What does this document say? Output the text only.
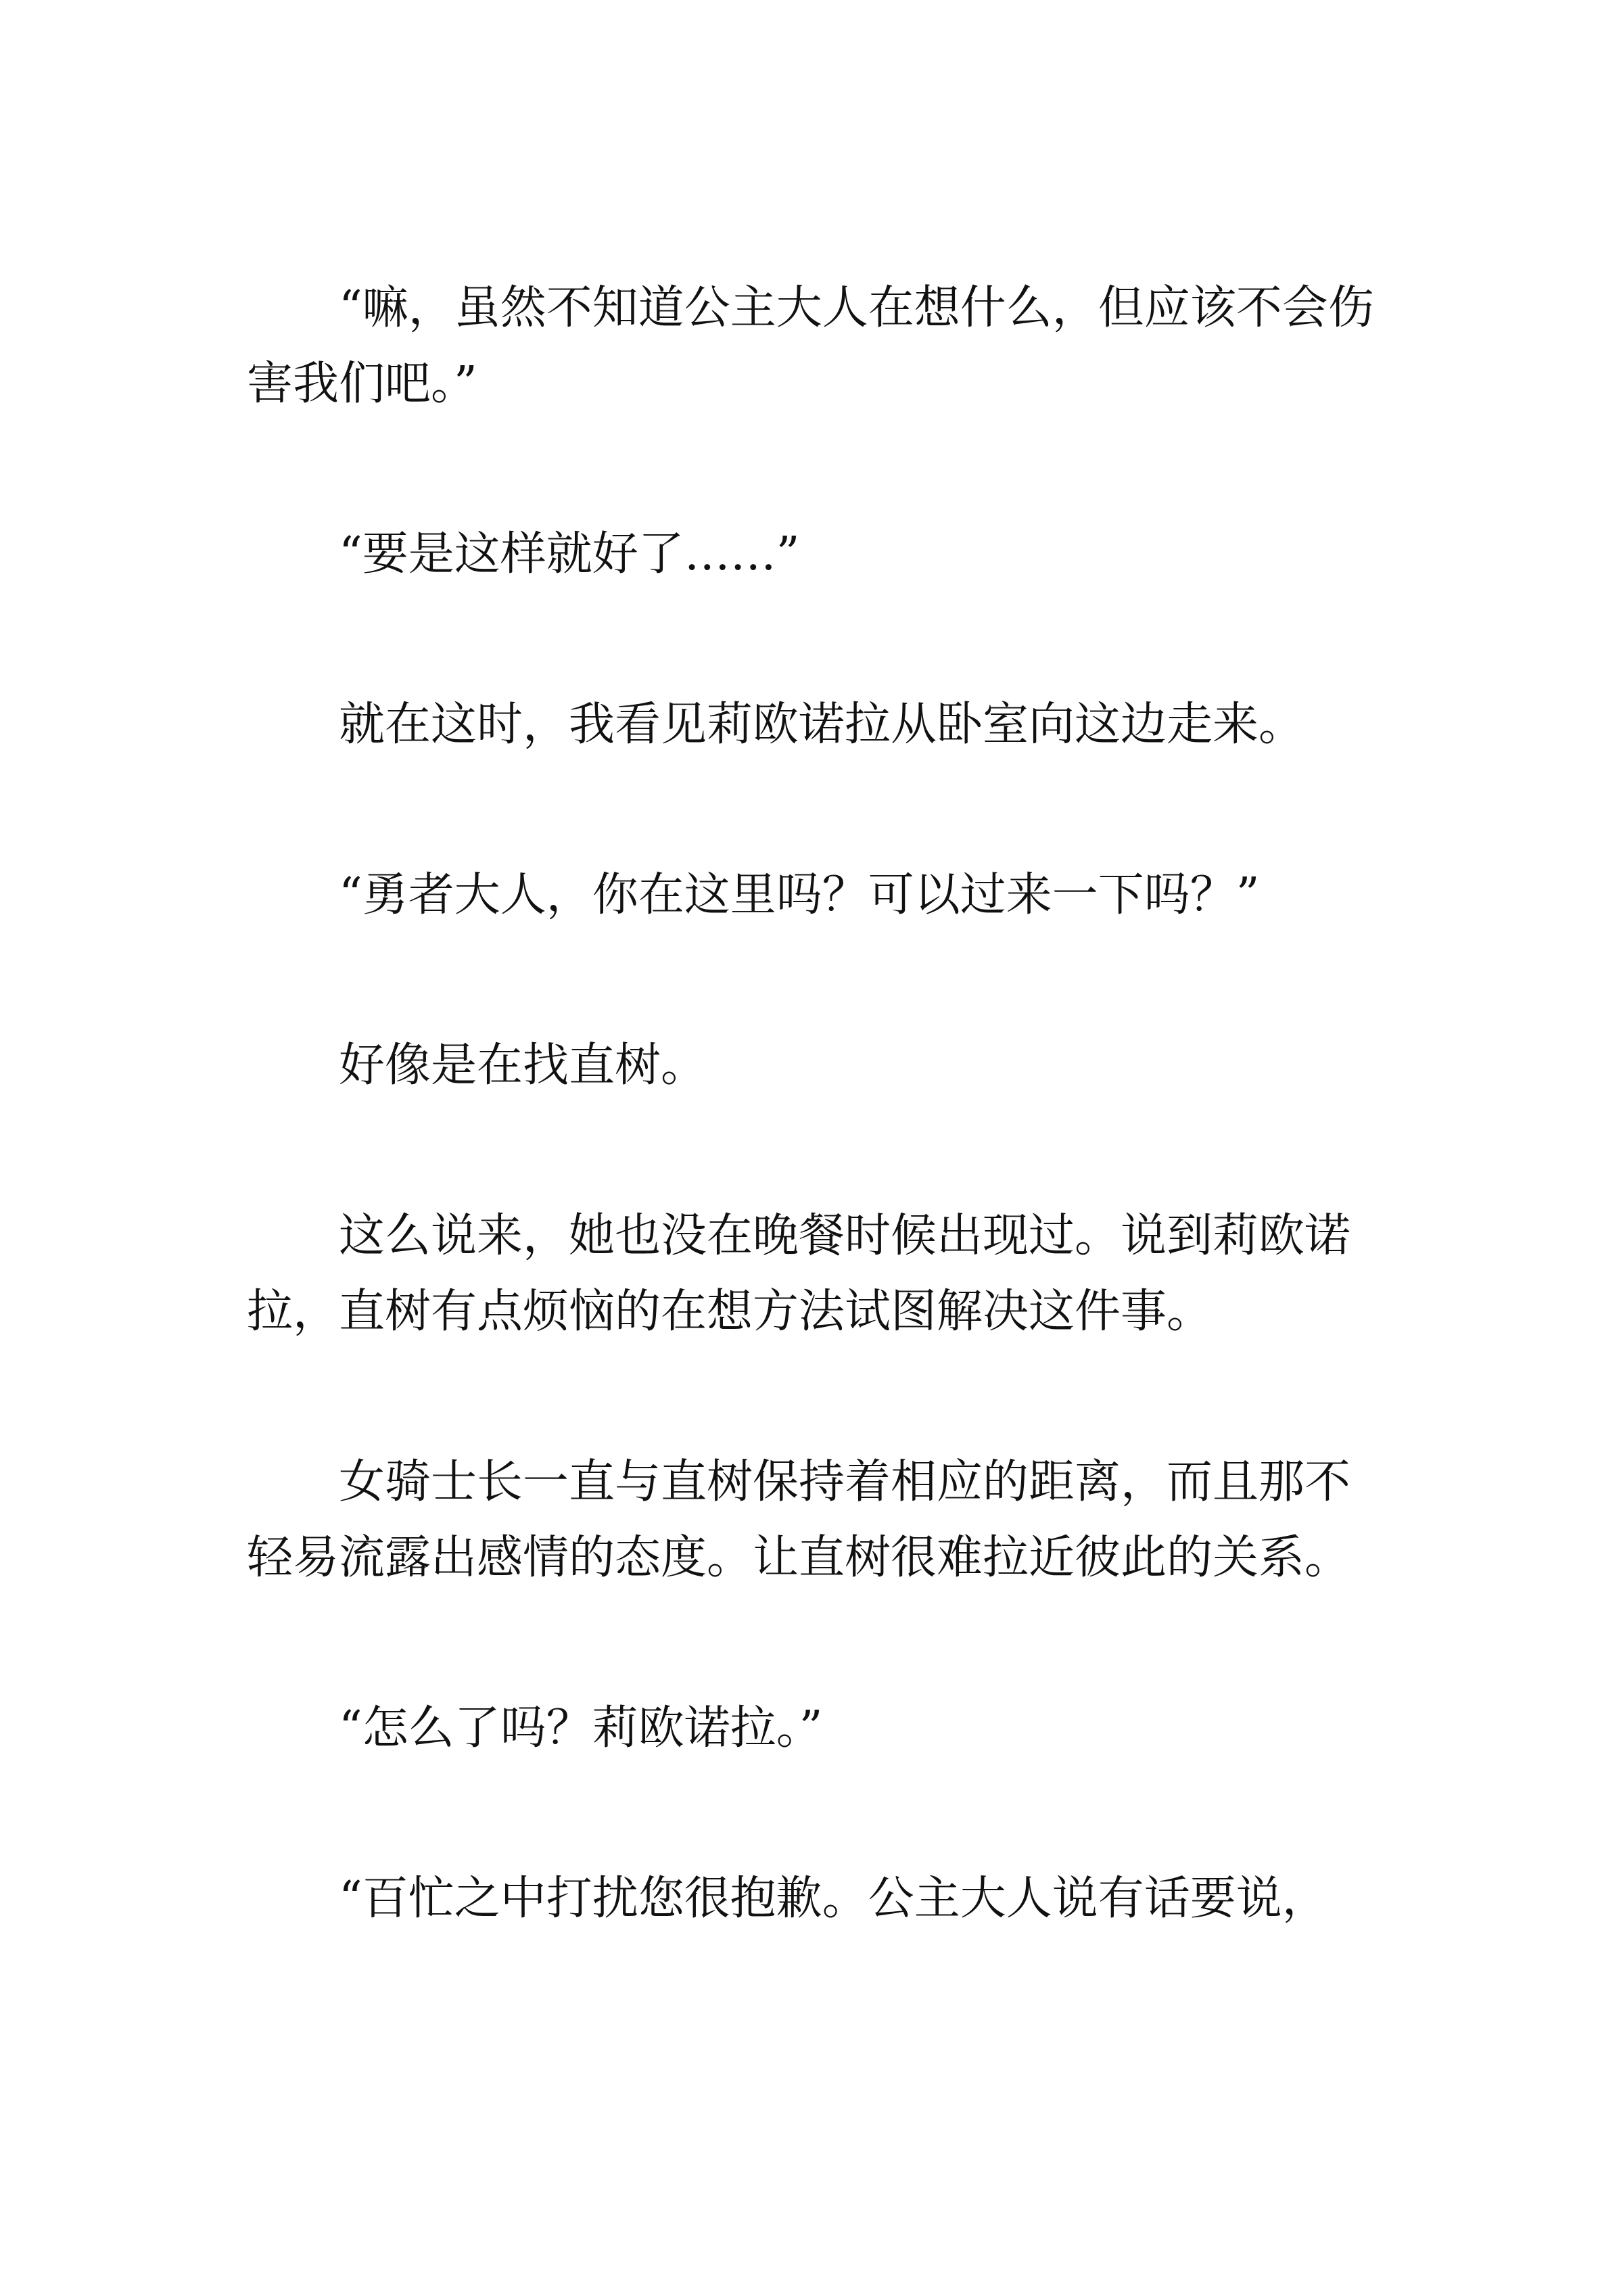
“嘛，虽然不知道公主大人在想什么，但应该不会伤害我们吧。”

“要是这样就好了……”

就在这时，我看见莉欧诺拉从卧室向这边走来。

“勇者大人，你在这里吗？可以过来一下吗？”

好像是在找直树。

这么说来，她也没在晚餐时候出现过。说到莉欧诺拉，直树有点烦恼的在想方法试图解决这件事。

女骑士长一直与直树保持着相应的距离，而且那不轻易流露出感情的态度。让直树很难拉近彼此的关系。

“怎么了吗？莉欧诺拉。”

“百忙之中打扰您很抱歉。公主大人说有话要说，
